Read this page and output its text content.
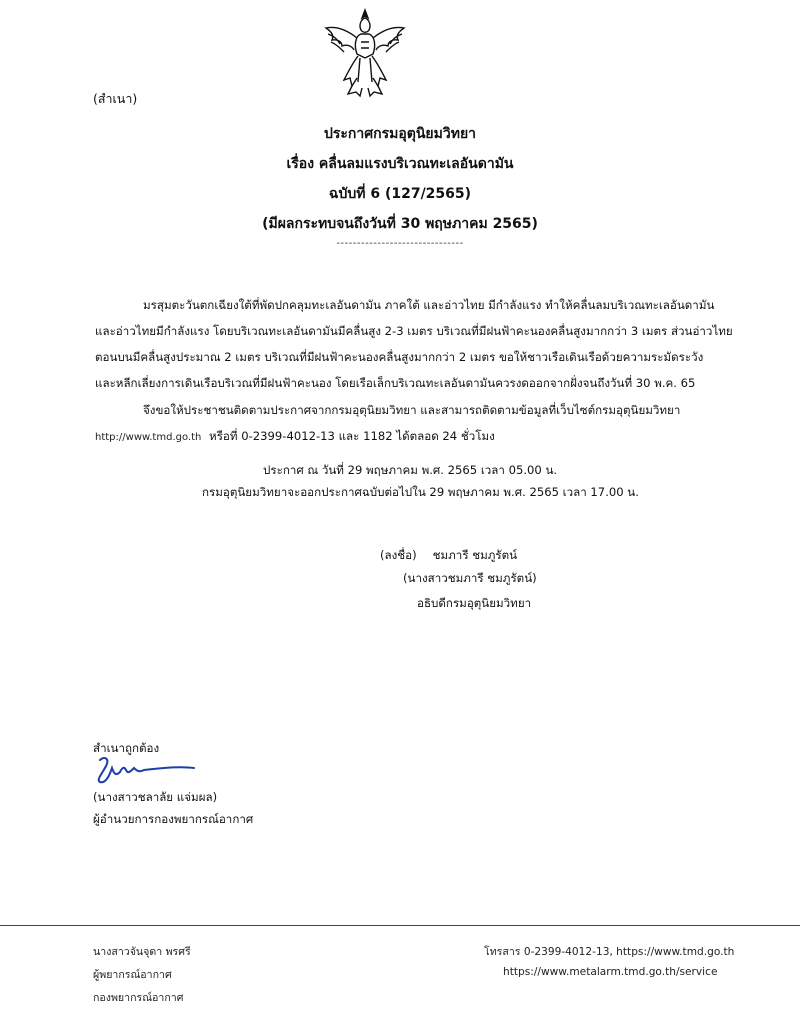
(สำเนา)
ประกาศกรมอุตุนิยมวิทยา
เรื่อง คลื่นลมแรงบริเวณทะเลอันดามัน
ฉบับที่ 6 (127/2565)
(มีผลกระทบจนถึงวันที่ 30 พฤษภาคม 2565)
-------------------------------
มรสุมตะวันตกเฉียงใต้ที่พัดปกคลุมทะเลอันดามัน ภาคใต้ และอ่าวไทย มีกำลังแรง ทำให้คลื่นลมบริเวณทะเลอันดามัน
และอ่าวไทยมีกำลังแรง โดยบริเวณทะเลอันดามันมีคลื่นสูง 2-3 เมตร บริเวณที่มีฝนฟ้าคะนองคลื่นสูงมากกว่า 3 เมตร ส่วนอ่าวไทย
ตอนบนมีคลื่นสูงประมาณ 2 เมตร บริเวณที่มีฝนฟ้าคะนองคลื่นสูงมากกว่า 2 เมตร ขอให้ชาวเรือเดินเรือด้วยความระมัดระวัง
และหลีกเลี่ยงการเดินเรือบริเวณที่มีฝนฟ้าคะนอง โดยเรือเล็กบริเวณทะเลอันดามันควรงดออกจากฝั่งจนถึงวันที่ 30 พ.ค. 65
จึงขอให้ประชาชนติดตามประกาศจากกรมอุตุนิยมวิทยา และสามารถติดตามข้อมูลที่เว็บไซต์กรมอุตุนิยมวิทยา
http://www.tmd.go.th หรือที่ 0-2399-4012-13 และ 1182 ได้ตลอด 24 ชั่วโมง
ประกาศ ณ วันที่ 29 พฤษภาคม พ.ศ. 2565 เวลา 05.00 น.
กรมอุตุนิยมวิทยาจะออกประกาศฉบับต่อไปใน 29 พฤษภาคม พ.ศ. 2565 เวลา 17.00 น.
(ลงชื่อ) ชมภารี ชมภูรัตน์
(นางสาวชมภารี ชมภูรัตน์)
อธิบดีกรมอุตุนิยมวิทยา
สำเนาถูกต้อง
(นางสาวชลาลัย แจ่มผล)
ผู้อำนวยการกองพยากรณ์อากาศ
นางสาวจันจุดา พรศรี
ผู้พยากรณ์อากาศ
กองพยากรณ์อากาศ
โทรสาร 0-2399-4012-13, https://www.tmd.go.th
https://www.metalarm.tmd.go.th/service
